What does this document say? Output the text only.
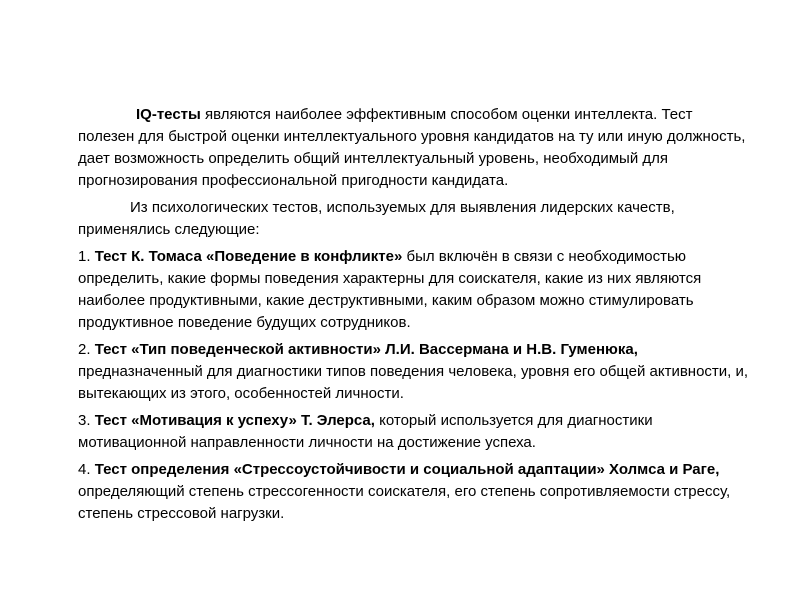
IQ-тесты являются наиболее эффективным способом оценки интеллекта. Тест полезен для быстрой оценки интеллектуального уровня кандидатов на ту или иную должность, дает возможность определить общий интеллектуальный уровень, необходимый для прогнозирования профессиональной пригодности кандидата.

Из психологических тестов, используемых для выявления лидерских качеств, применялись следующие:

1. Тест К. Томаса «Поведение в конфликте» был включён в связи с необходимостью определить, какие формы поведения характерны для соискателя, какие из них являются наиболее продуктивными, какие деструктивными, каким образом можно стимулировать продуктивное поведение будущих сотрудников.

2. Тест «Тип поведенческой активности» Л.И. Вассермана и Н.В. Гуменюка, предназначенный для диагностики типов поведения человека, уровня его общей активности, и, вытекающих из этого, особенностей личности.

3. Тест «Мотивация к успеху» Т. Элерса, который используется для диагностики мотивационной направленности личности на достижение успеха.

4. Тест определения «Стрессоустойчивости и социальной адаптации» Холмса и Раге, определяющий степень стрессогенности соискателя, его степень сопротивляемости стрессу, степень стрессовой нагрузки.
